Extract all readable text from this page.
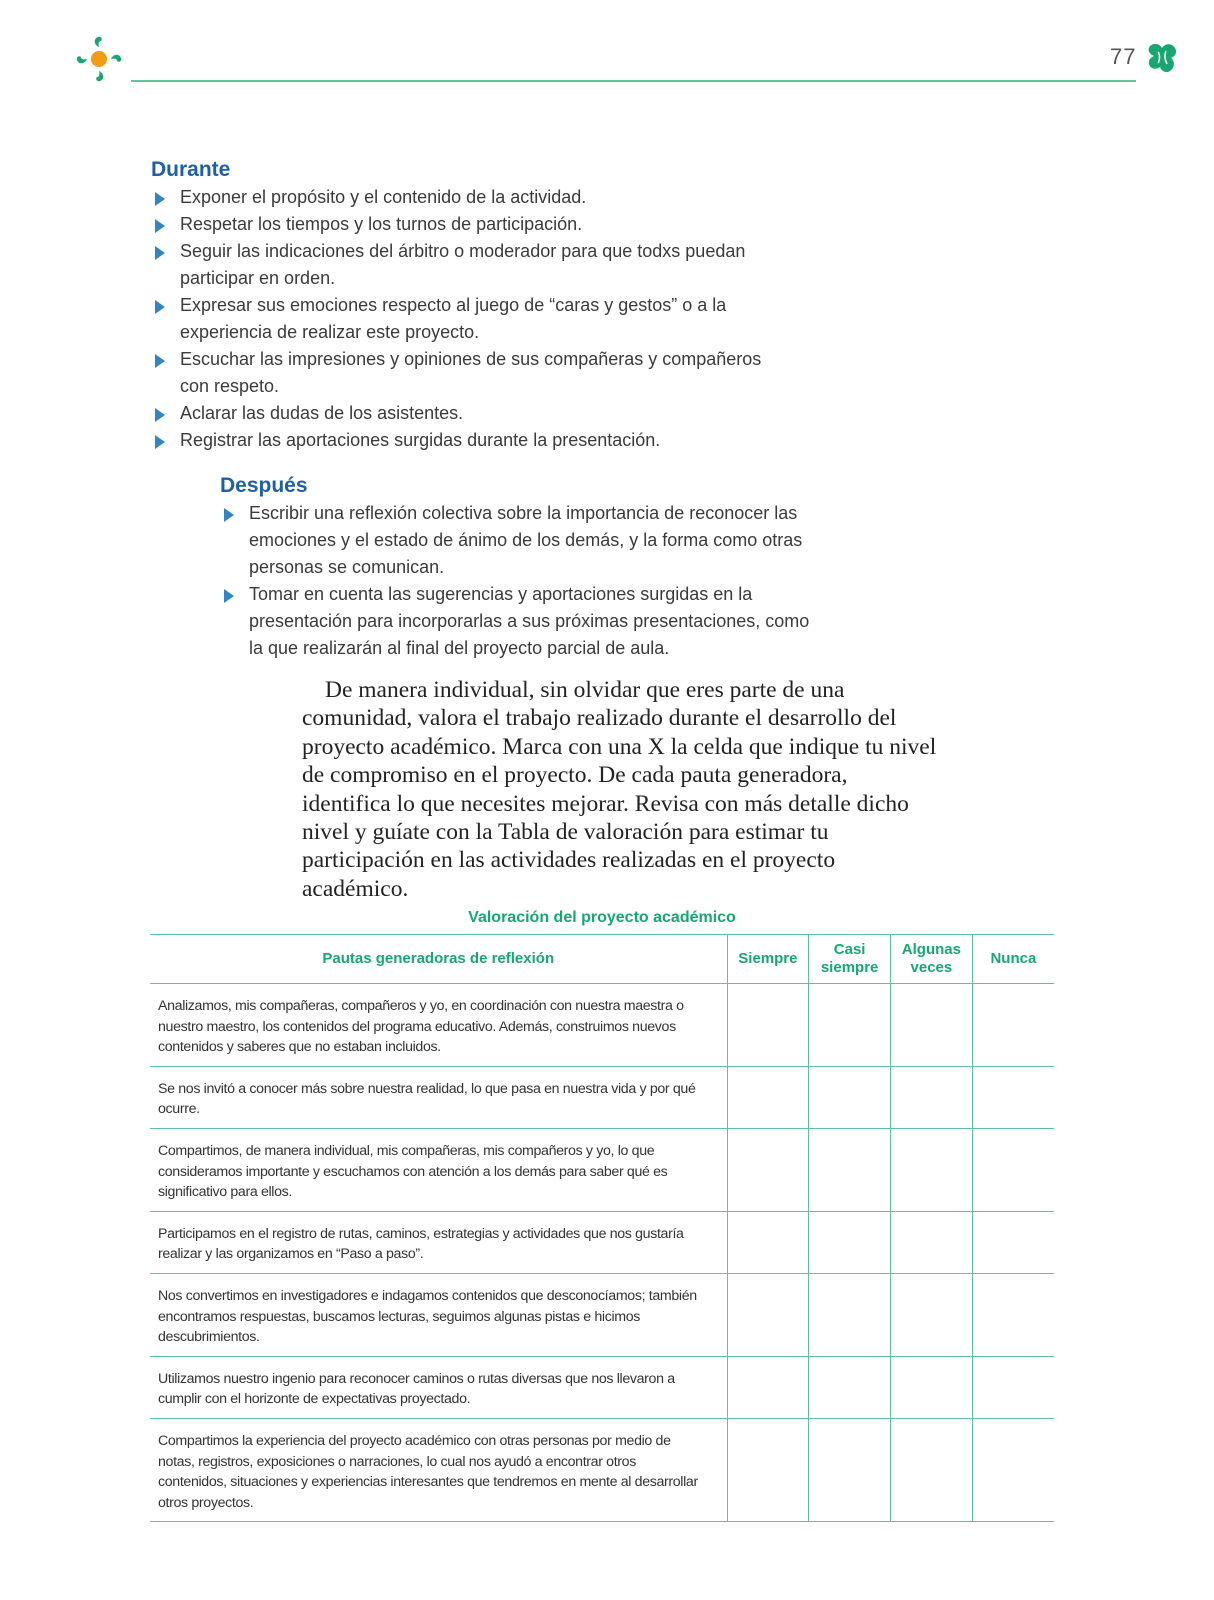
77
Durante
Exponer el propósito y el contenido de la actividad.
Respetar los tiempos y los turnos de participación.
Seguir las indicaciones del árbitro o moderador para que todxs puedan participar en orden.
Expresar sus emociones respecto al juego de “caras y gestos” o a la experiencia de realizar este proyecto.
Escuchar las impresiones y opiniones de sus compañeras y compañeros con respeto.
Aclarar las dudas de los asistentes.
Registrar las aportaciones surgidas durante la presentación.
Después
Escribir una reflexión colectiva sobre la importancia de reconocer las emociones y el estado de ánimo de los demás, y la forma como otras personas se comunican.
Tomar en cuenta las sugerencias y aportaciones surgidas en la presentación para incorporarlas a sus próximas presentaciones, como la que realizarán al final del proyecto parcial de aula.

De manera individual, sin olvidar que eres parte de una comunidad, valora el trabajo realizado durante el desarrollo del proyecto académico. Marca con una X la celda que indique tu nivel de compromiso en el proyecto. De cada pauta generadora, identifica lo que necesites mejorar. Revisa con más detalle dicho nivel y guíate con la Tabla de valoración para estimar tu participación en las actividades realizadas en el proyecto académico.

Valoración del proyecto académico
Pautas generadoras de reflexión	Siempre	Casi siempre	Algunas veces	Nunca
Analizamos, mis compañeras, compañeros y yo, en coordinación con nuestra maestra o nuestro maestro, los contenidos del programa educativo. Además, construimos nuevos contenidos y saberes que no estaban incluidos.				
Se nos invitó a conocer más sobre nuestra realidad, lo que pasa en nuestra vida y por qué ocurre.				
Compartimos, de manera individual, mis compañeras, mis compañeros y yo, lo que consideramos importante y escuchamos con atención a los demás para saber qué es significativo para ellos.				
Participamos en el registro de rutas, caminos, estrategias y actividades que nos gustaría realizar y las organizamos en “Paso a paso”.				
Nos convertimos en investigadores e indagamos contenidos que desconocíamos; también encontramos respuestas, buscamos lecturas, seguimos algunas pistas e hicimos descubrimientos.				
Utilizamos nuestro ingenio para reconocer caminos o rutas diversas que nos llevaron a cumplir con el horizonte de expectativas proyectado.				
Compartimos la experiencia del proyecto académico con otras personas por medio de notas, registros, exposiciones o narraciones, lo cual nos ayudó a encontrar otros contenidos, situaciones y experiencias interesantes que tendremos en mente al desarrollar otros proyectos.				
